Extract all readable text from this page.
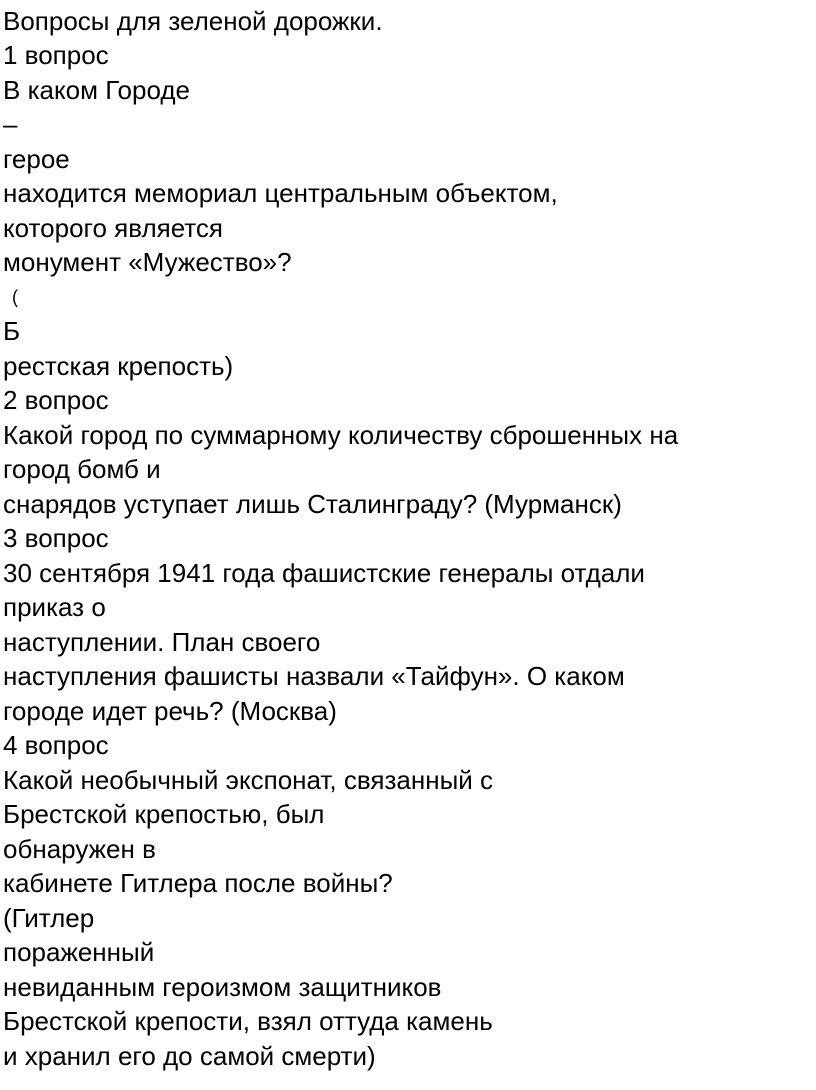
Вопросы для зеленой дорожки.

1 вопрос

В каком Городе

–

герое

находится мемориал центральным объектом,

которого является

монумент «Мужество»?

(

Б

рестская крепость)

2 вопрос

Какой город по суммарному количеству сброшенных на

город бомб и

снарядов уступает лишь Сталинграду? (Мурманск)

3 вопрос

30 сентября 1941 года фашистские генералы отдали

приказ о

наступлении. План своего

наступления фашисты назвали «Тайфун». О каком

городе идет речь? (Москва)

4 вопрос

Какой необычный экспонат, связанный с

Брестской крепостью, был

обнаружен в

кабинете Гитлера после войны?

(Гитлер

пораженный

невиданным героизмом защитников

Брестской крепости, взял оттуда камень

и хранил его до самой смерти)
